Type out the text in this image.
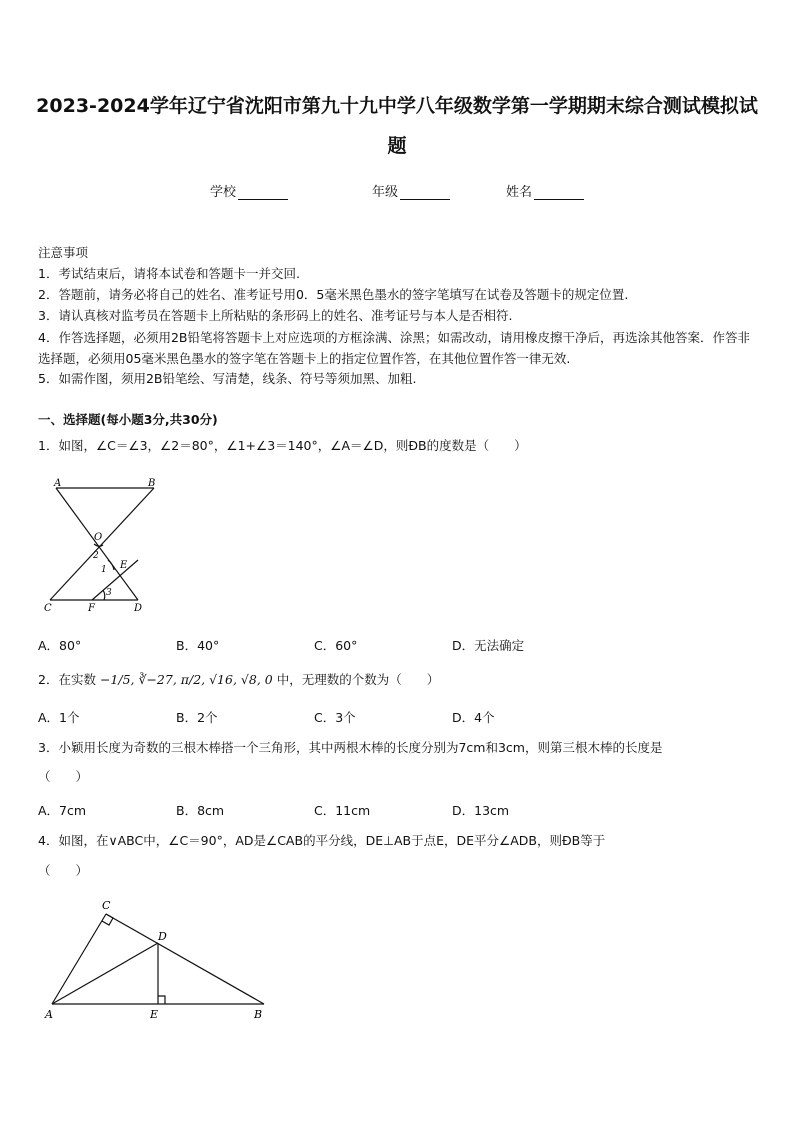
2023-2024学年辽宁省沈阳市第九十九中学八年级数学第一学期期末综合测试模拟试
题
学校	年级	姓名
注意事项
1．考试结束后，请将本试卷和答题卡一并交回.
2．答题前，请务必将自己的姓名、准考证号用0．5毫米黑色墨水的签字笔填写在试卷及答题卡的规定位置.
3．请认真核对监考员在答题卡上所粘贴的条形码上的姓名、准考证号与本人是否相符.
4．作答选择题，必须用2B铅笔将答题卡上对应选项的方框涂满、涂黑；如需改动，请用橡皮擦干净后，再选涂其他答案．作答非选择题，必须用05毫米黑色墨水的签字笔在答题卡上的指定位置作答，在其他位置作答一律无效.
5．如需作图，须用2B铅笔绘、写清楚，线条、符号等须加黑、加粗.
一、选择题(每小题3分,共30分)
1．如图，∠C＝∠3，∠2＝80°，∠1+∠3＝140°，∠A＝∠D，则ÐB的度数是（　　）
A	B
O
2
1 E
3
C	F	D
A．80°	B．40°	C．60°	D．无法确定
2．在实数 −1/5, ∛−27, π/2, √16, √8, 0 中，无理数的个数为（　　）
A．1个	B．2个	C．3个	D．4个
3．小颖用长度为奇数的三根木棒搭一个三角形，其中两根木棒的长度分别为7cm和3cm，则第三根木棒的长度是
（　　）
A．7cm	B．8cm	C．11cm	D．13cm
4．如图，在∨ABC中，∠C＝90°，AD是∠CAB的平分线，DE⊥AB于点E，DE平分∠ADB，则ÐB等于
（　　）
C
D
A	E	B
